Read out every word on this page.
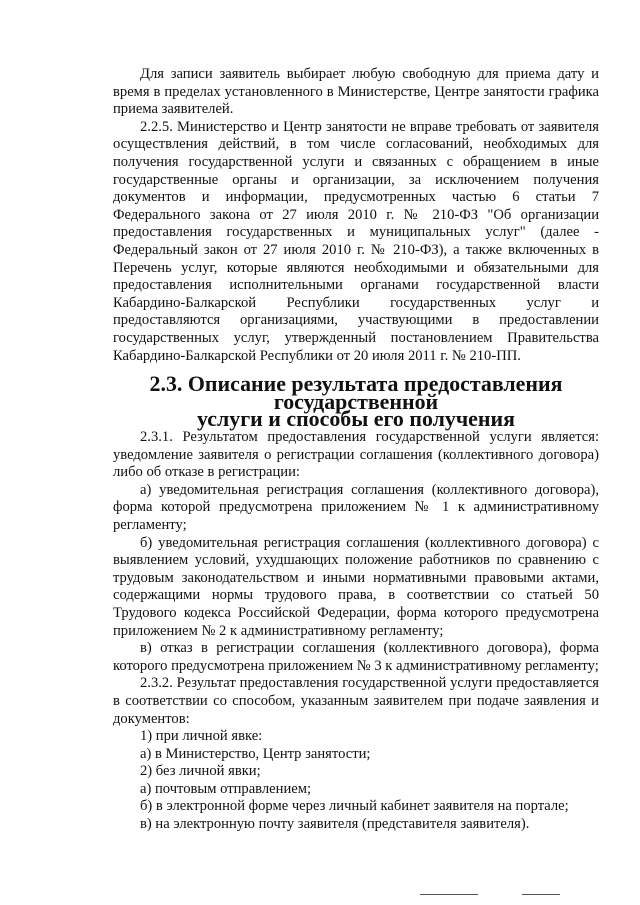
Для записи заявитель выбирает любую свободную для приема дату и время в пределах установленного в Министерстве, Центре занятости графика приема заявителей.

2.2.5. Министерство и Центр занятости не вправе требовать от заявителя осуществления действий, в том числе согласований, необходимых для получения государственной услуги и связанных с обращением в иные государственные органы и организации, за исключением получения документов и информации, предусмотренных частью 6 статьи 7 Федерального закона от 27 июля 2010 г. № 210-ФЗ "Об организации предоставления государственных и муниципальных услуг" (далее - Федеральный закон от 27 июля 2010 г. № 210-ФЗ), а также включенных в Перечень услуг, которые являются необходимыми и обязательными для предоставления исполнительными органами государственной власти Кабардино-Балкарской Республики государственных услуг и предоставляются организациями, участвующими в предоставлении государственных услуг, утвержденный постановлением Правительства Кабардино-Балкарской Республики от 20 июля 2011 г. № 210-ПП.

2.3. Описание результата предоставления государственной
услуги и способы его получения

2.3.1. Результатом предоставления государственной услуги является: уведомление заявителя о регистрации соглашения (коллективного договора) либо об отказе в регистрации:

а) уведомительная регистрация соглашения (коллективного договора), форма которой предусмотрена приложением № 1 к административному регламенту;

б) уведомительная регистрация соглашения (коллективного договора) с выявлением условий, ухудшающих положение работников по сравнению с трудовым законодательством и иными нормативными правовыми актами, содержащими нормы трудового права, в соответствии со статьей 50 Трудового кодекса Российской Федерации, форма которого предусмотрена приложением № 2 к административному регламенту;

в) отказ в регистрации соглашения (коллективного договора), форма которого предусмотрена приложением № 3 к административному регламенту;

2.3.2. Результат предоставления государственной услуги предоставляется в соответствии со способом, указанным заявителем при подаче заявления и документов:

1) при личной явке:

а) в Министерство, Центр занятости;

2) без личной явки;

а) почтовым отправлением;

б) в электронной форме через личный кабинет заявителя на портале;

в) на электронную почту заявителя (представителя заявителя).
